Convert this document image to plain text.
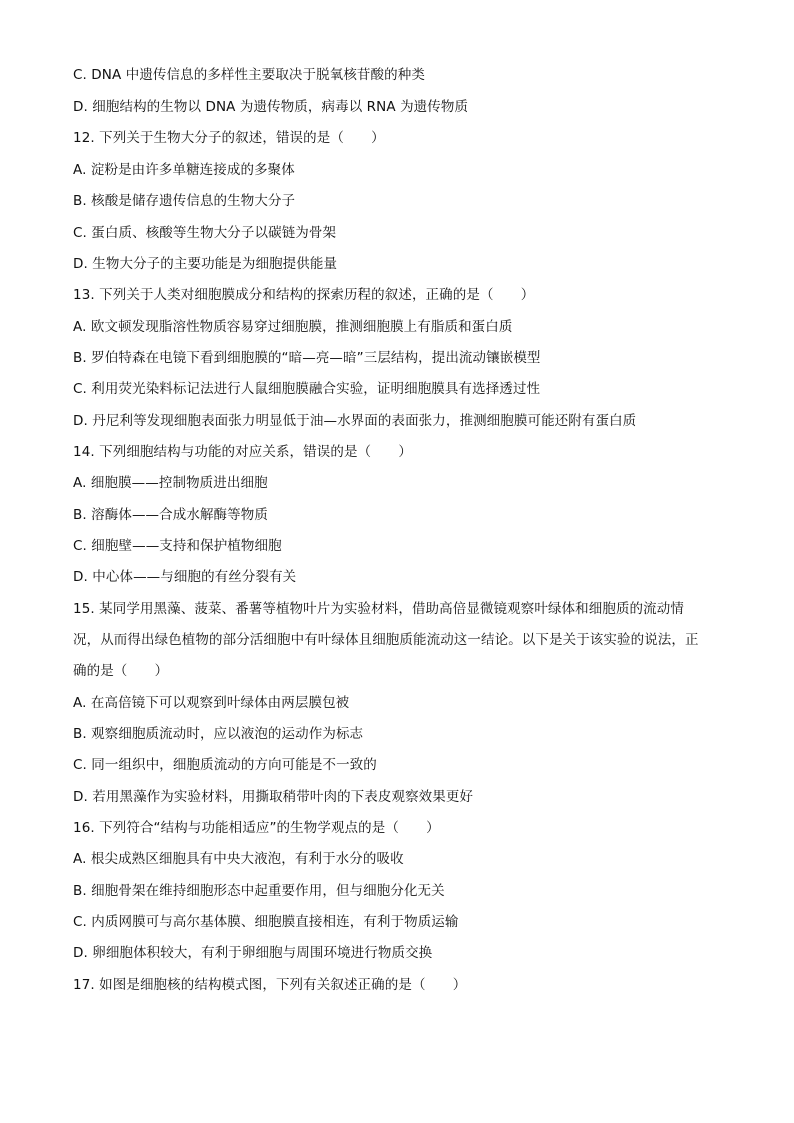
C. DNA 中遗传信息的多样性主要取决于脱氧核苷酸的种类
D. 细胞结构的生物以 DNA 为遗传物质，病毒以 RNA 为遗传物质
12. 下列关于生物大分子的叙述，错误的是（　　）
A. 淀粉是由许多单糖连接成的多聚体
B. 核酸是储存遗传信息的生物大分子
C. 蛋白质、核酸等生物大分子以碳链为骨架
D. 生物大分子的主要功能是为细胞提供能量
13. 下列关于人类对细胞膜成分和结构的探索历程的叙述，正确的是（　　）
A. 欧文顿发现脂溶性物质容易穿过细胞膜，推测细胞膜上有脂质和蛋白质
B. 罗伯特森在电镜下看到细胞膜的“暗—亮—暗”三层结构，提出流动镶嵌模型
C. 利用荧光染料标记法进行人鼠细胞膜融合实验，证明细胞膜具有选择透过性
D. 丹尼利等发现细胞表面张力明显低于油—水界面的表面张力，推测细胞膜可能还附有蛋白质
14. 下列细胞结构与功能的对应关系，错误的是（　　）
A. 细胞膜——控制物质进出细胞
B. 溶酶体——合成水解酶等物质
C. 细胞壁——支持和保护植物细胞
D. 中心体——与细胞的有丝分裂有关
15. 某同学用黑藻、菠菜、番薯等植物叶片为实验材料，借助高倍显微镜观察叶绿体和细胞质的流动情
况，从而得出绿色植物的部分活细胞中有叶绿体且细胞质能流动这一结论。以下是关于该实验的说法，正
确的是（　　）
A. 在高倍镜下可以观察到叶绿体由两层膜包被
B. 观察细胞质流动时，应以液泡的运动作为标志
C. 同一组织中，细胞质流动的方向可能是不一致的
D. 若用黑藻作为实验材料，用撕取稍带叶肉的下表皮观察效果更好
16. 下列符合“结构与功能相适应”的生物学观点的是（　　）
A. 根尖成熟区细胞具有中央大液泡，有利于水分的吸收
B. 细胞骨架在维持细胞形态中起重要作用，但与细胞分化无关
C. 内质网膜可与高尔基体膜、细胞膜直接相连，有利于物质运输
D. 卵细胞体积较大，有利于卵细胞与周围环境进行物质交换
17. 如图是细胞核的结构模式图，下列有关叙述正确的是（　　）
